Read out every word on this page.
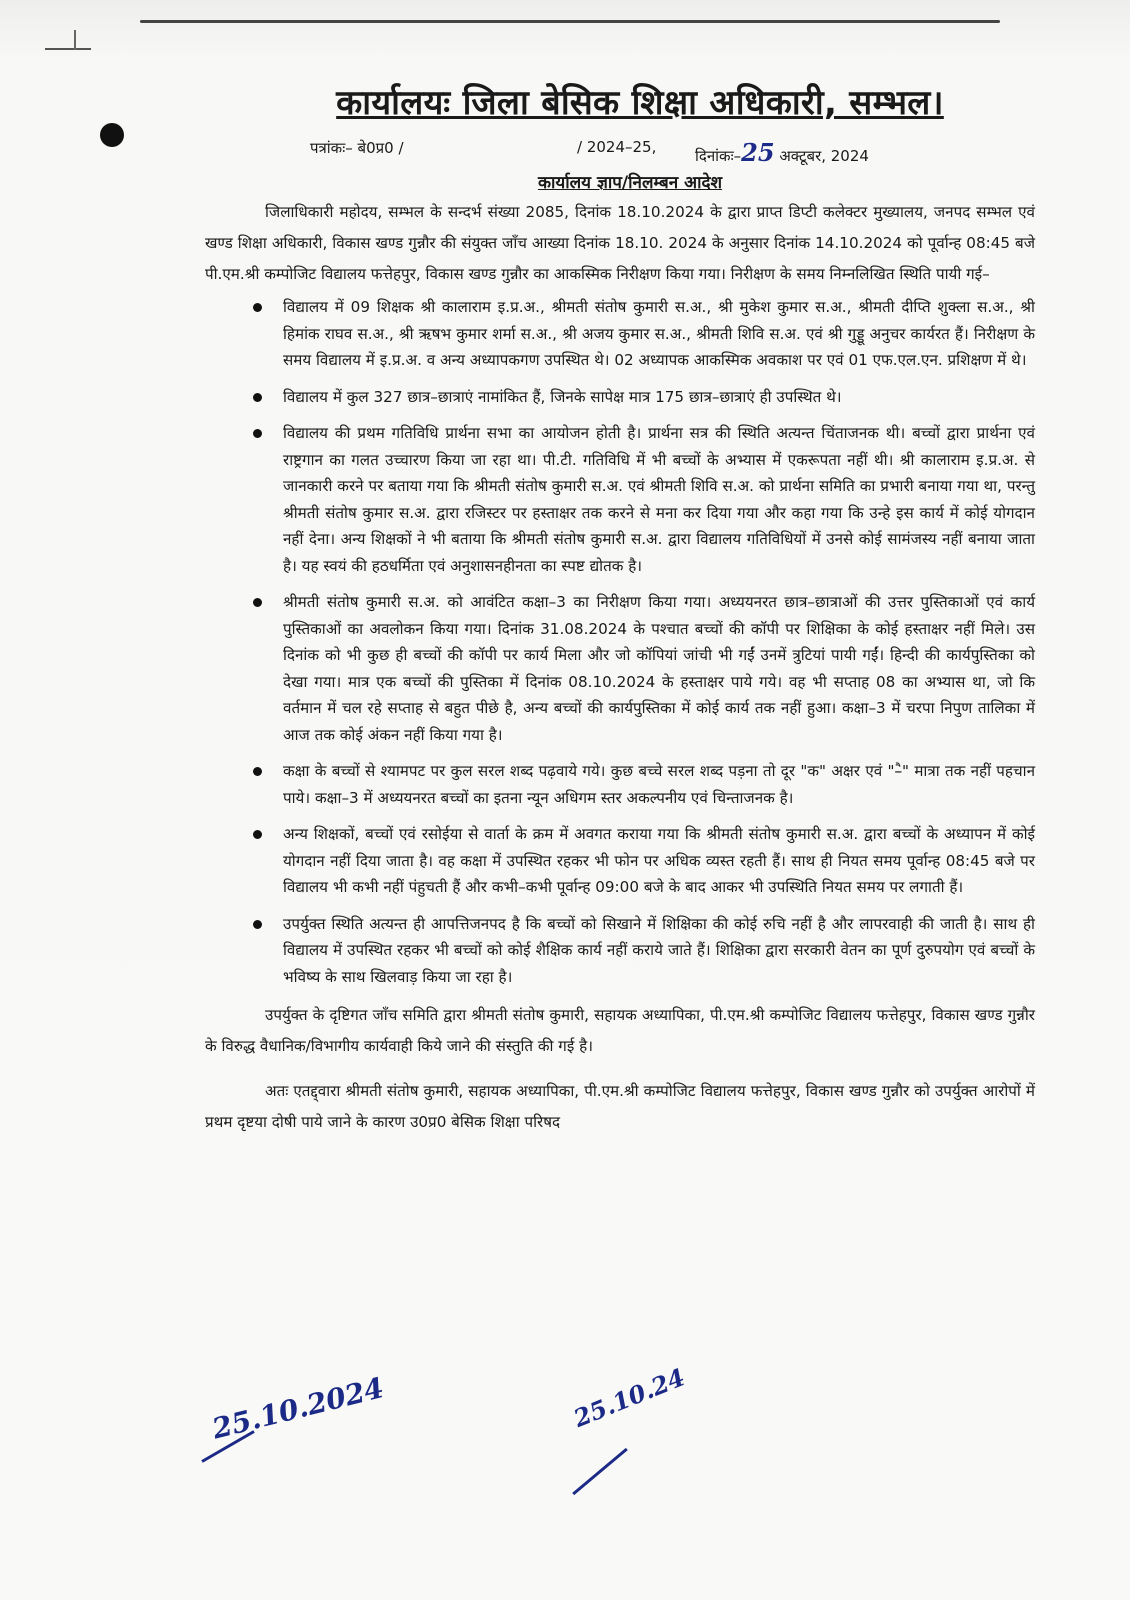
कार्यालयः जिला बेसिक शिक्षा अधिकारी, सम्भल।
पत्रांकः– बे0प्र0 /	/ 2024–25,	दिनांकः–25 अक्टूबर, 2024
कार्यालय ज्ञाप/निलम्बन आदेश

जिलाधिकारी महोदय, सम्भल के सन्दर्भ संख्या 2085, दिनांक 18.10.2024 के द्वारा प्राप्त डिप्टी कलेक्टर मुख्यालय, जनपद सम्भल एवं खण्ड शिक्षा अधिकारी, विकास खण्ड गुन्नौर की संयुक्त जाँच आख्या दिनांक 18.10. 2024 के अनुसार दिनांक 14.10.2024 को पूर्वान्ह 08:45 बजे पी.एम.श्री कम्पोजिट विद्यालय फत्तेहपुर, विकास खण्ड गुन्नौर का आकस्मिक निरीक्षण किया गया। निरीक्षण के समय निम्नलिखित स्थिति पायी गई–

विद्यालय में 09 शिक्षक श्री कालाराम इ.प्र.अ., श्रीमती संतोष कुमारी स.अ., श्री मुकेश कुमार स.अ., श्रीमती दीप्ति शुक्ला स.अ., श्री हिमांक राघव स.अ., श्री ऋषभ कुमार शर्मा स.अ., श्री अजय कुमार स.अ., श्रीमती शिवि स.अ. एवं श्री गुड्डू अनुचर कार्यरत हैं। निरीक्षण के समय विद्यालय में इ.प्र.अ. व अन्य अध्यापकगण उपस्थित थे। 02 अध्यापक आकस्मिक अवकाश पर एवं 01 एफ.एल.एन. प्रशिक्षण में थे।
विद्यालय में कुल 327 छात्र–छात्राएं नामांकित हैं, जिनके सापेक्ष मात्र 175 छात्र–छात्राएं ही उपस्थित थे।
विद्यालय की प्रथम गतिविधि प्रार्थना सभा का आयोजन होती है। प्रार्थना सत्र की स्थिति अत्यन्त चिंताजनक थी। बच्चों द्वारा प्रार्थना एवं राष्ट्रगान का गलत उच्चारण किया जा रहा था। पी.टी. गतिविधि में भी बच्चों के अभ्यास में एकरूपता नहीं थी। श्री कालाराम इ.प्र.अ. से जानकारी करने पर बताया गया कि श्रीमती संतोष कुमारी स.अ. एवं श्रीमती शिवि स.अ. को प्रार्थना समिति का प्रभारी बनाया गया था, परन्तु श्रीमती संतोष कुमार स.अ. द्वारा रजिस्टर पर हस्ताक्षर तक करने से मना कर दिया गया और कहा गया कि उन्हे इस कार्य में कोई योगदान नहीं देना। अन्य शिक्षकों ने भी बताया कि श्रीमती संतोष कुमारी स.अ. द्वारा विद्यालय गतिविधियों में उनसे कोई सामंजस्य नहीं बनाया जाता है। यह स्वयं की हठधर्मिता एवं अनुशासनहीनता का स्पष्ट द्योतक है।
श्रीमती संतोष कुमारी स.अ. को आवंटित कक्षा–3 का निरीक्षण किया गया। अध्ययनरत छात्र–छात्राओं की उत्तर पुस्तिकाओं एवं कार्य पुस्तिकाओं का अवलोकन किया गया। दिनांक 31.08.2024 के पश्चात बच्चों की कॉपी पर शिक्षिका के कोई हस्ताक्षर नहीं मिले। उस दिनांक को भी कुछ ही बच्चों की कॉपी पर कार्य मिला और जो कॉपियां जांची भी गईं उनमें त्रुटियां पायी गईं। हिन्दी की कार्यपुस्तिका को देखा गया। मात्र एक बच्चों की पुस्तिका में दिनांक 08.10.2024 के हस्ताक्षर पाये गये। वह भी सप्ताह 08 का अभ्यास था, जो कि वर्तमान में चल रहे सप्ताह से बहुत पीछे है, अन्य बच्चों की कार्यपुस्तिका में कोई कार्य तक नहीं हुआ। कक्षा–3 में चरपा निपुण तालिका में आज तक कोई अंकन नहीं किया गया है।
कक्षा के बच्चों से श्यामपट पर कुल सरल शब्द पढ़वाये गये। कुछ बच्चे सरल शब्द पड़ना तो दूर "क" अक्षर एवं "–ै" मात्रा तक नहीं पहचान पाये। कक्षा–3 में अध्ययनरत बच्चों का इतना न्यून अधिगम स्तर अकल्पनीय एवं चिन्ताजनक है।
अन्य शिक्षकों, बच्चों एवं रसोईया से वार्ता के क्रम में अवगत कराया गया कि श्रीमती संतोष कुमारी स.अ. द्वारा बच्चों के अध्यापन में कोई योगदान नहीं दिया जाता है। वह कक्षा में उपस्थित रहकर भी फोन पर अधिक व्यस्त रहती हैं। साथ ही नियत समय पूर्वान्ह 08:45 बजे पर विद्यालय भी कभी नहीं पंहुचती हैं और कभी–कभी पूर्वान्ह 09:00 बजे के बाद आकर भी उपस्थिति नियत समय पर लगाती हैं।
उपर्युक्त स्थिति अत्यन्त ही आपत्तिजनपद है कि बच्चों को सिखाने में शिक्षिका की कोई रुचि नहीं है और लापरवाही की जाती है। साथ ही विद्यालय में उपस्थित रहकर भी बच्चों को कोई शैक्षिक कार्य नहीं कराये जाते हैं। शिक्षिका द्वारा सरकारी वेतन का पूर्ण दुरुपयोग एवं बच्चों के भविष्य के साथ खिलवाड़ किया जा रहा है।

उपर्युक्त के दृष्टिगत जाँच समिति द्वारा श्रीमती संतोष कुमारी, सहायक अध्यापिका, पी.एम.श्री कम्पोजिट विद्यालय फत्तेहपुर, विकास खण्ड गुन्नौर के विरुद्ध वैधानिक/विभागीय कार्यवाही किये जाने की संस्तुति की गई है।

अतः एतद्द्वारा श्रीमती संतोष कुमारी, सहायक अध्यापिका, पी.एम.श्री कम्पोजिट विद्यालय फत्तेहपुर, विकास खण्ड गुन्नौर को उपर्युक्त आरोपों में प्रथम दृष्टया दोषी पाये जाने के कारण उ0प्र0 बेसिक शिक्षा परिषद

25.10.2024	25.10.24
